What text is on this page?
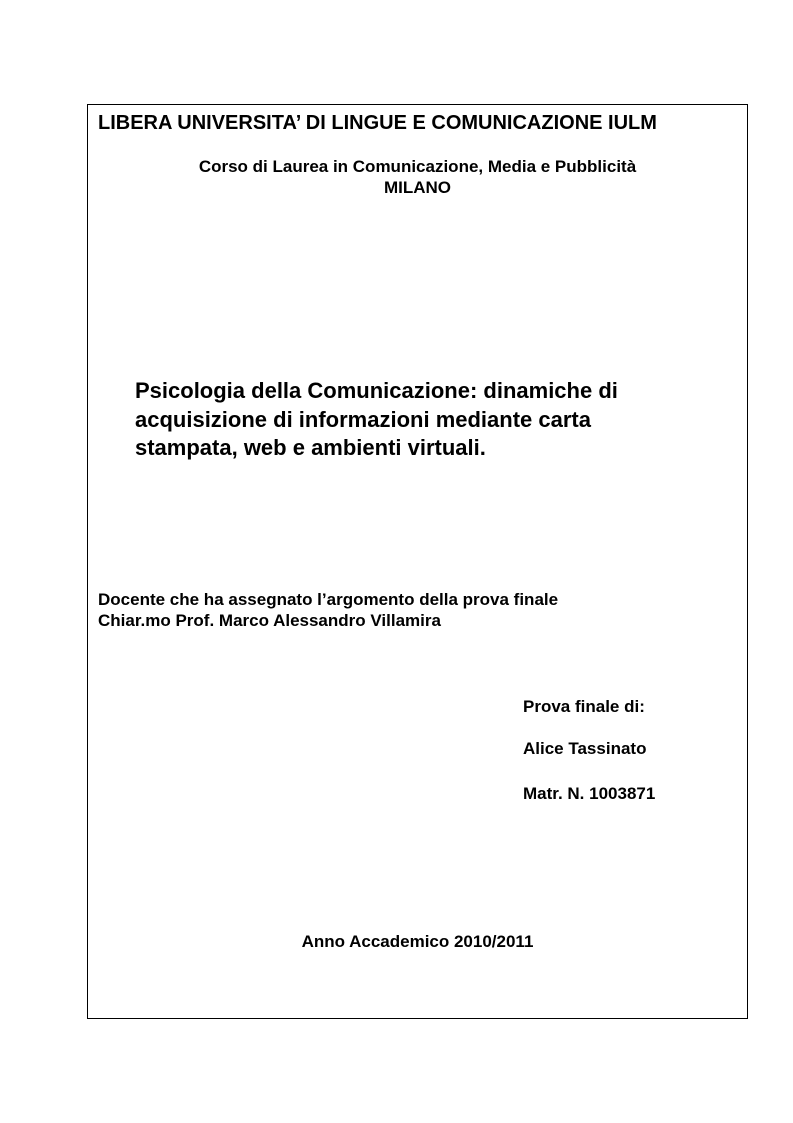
LIBERA UNIVERSITA’ DI LINGUE E COMUNICAZIONE IULM
Corso di Laurea in Comunicazione, Media e Pubblicità
MILANO
Psicologia della Comunicazione: dinamiche di
acquisizione di informazioni mediante carta
stampata, web e ambienti virtuali.
Docente che ha assegnato l’argomento della prova finale
Chiar.mo Prof. Marco Alessandro Villamira
Prova finale di:
Alice Tassinato
Matr. N. 1003871
Anno Accademico 2010/2011
